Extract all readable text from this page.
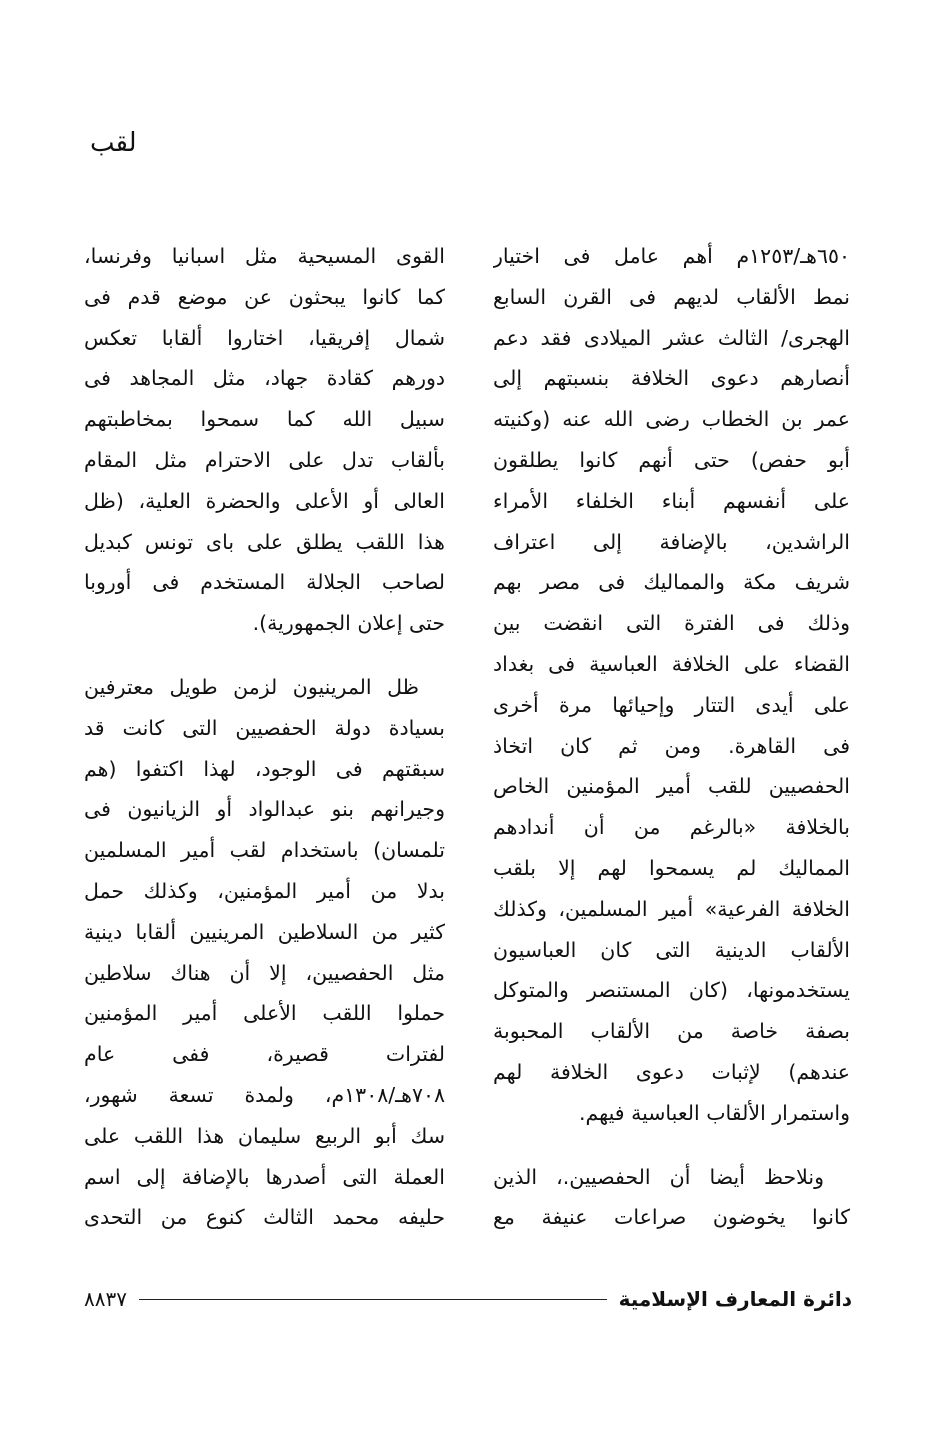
لقب
٦٥٠هـ/١٢٥٣م أهم عامل فى اختيار
نمط الألقاب لديهم فى القرن السابع
الهجرى/ الثالث عشر الميلادى فقد دعم
أنصارهم دعوى الخلافة بنسبتهم إلى
عمر بن الخطاب رضى الله عنه (وكنيته
أبو حفص) حتى أنهم كانوا يطلقون
على أنفسهم أبناء الخلفاء الأمراء
الراشدين، بالإضافة إلى اعتراف
شريف مكة والمماليك فى مصر بهم
وذلك فى الفترة التى انقضت بين
القضاء على الخلافة العباسية فى بغداد
على أيدى التتار وإحيائها مرة أخرى
فى القاهرة. ومن ثم كان اتخاذ
الحفصيين للقب أمير المؤمنين الخاص
بالخلافة «بالرغم من أن أندادهم
المماليك لم يسمحوا لهم إلا بلقب
الخلافة الفرعية» أمير المسلمين، وكذلك
الألقاب الدينية التى كان العباسيون
يستخدمونها، (كان المستنصر والمتوكل
بصفة خاصة من الألقاب المحبوبة
عندهم) لإثبات دعوى الخلافة لهم
واستمرار الألقاب العباسية فيهم.
ونلاحظ أيضا أن الحفصيين.، الذين
كانوا يخوضون صراعات عنيفة مع
القوى المسيحية مثل اسبانيا وفرنسا،
كما كانوا يبحثون عن موضع قدم فى
شمال إفريقيا، اختاروا ألقابا تعكس
دورهم كقادة جهاد، مثل المجاهد فى
سبيل الله كما سمحوا بمخاطبتهم
بألقاب تدل على الاحترام مثل المقام
العالى أو الأعلى والحضرة العلية، (ظل
هذا اللقب يطلق على باى تونس كبديل
لصاحب الجلالة المستخدم فى أوروبا
حتى إعلان الجمهورية).
ظل المرينيون لزمن طويل معترفين
بسيادة دولة الحفصيين التى كانت قد
سبقتهم فى الوجود، لهذا اكتفوا (هم
وجيرانهم بنو عبدالواد أو الزيانيون فى
تلمسان) باستخدام لقب أمير المسلمين
بدلا من أمير المؤمنين، وكذلك حمل
كثير من السلاطين المرينيين ألقابا دينية
مثل الحفصيين، إلا أن هناك سلاطين
حملوا اللقب الأعلى أمير المؤمنين
لفترات قصيرة، ففى عام
٧٠٨هـ/١٣٠٨م، ولمدة تسعة شهور،
سك أبو الربيع سليمان هذا اللقب على
العملة التى أصدرها بالإضافة إلى اسم
حليفه محمد الثالث كنوع من التحدى
٨٨٣٧	دائرة المعارف الإسلامية
